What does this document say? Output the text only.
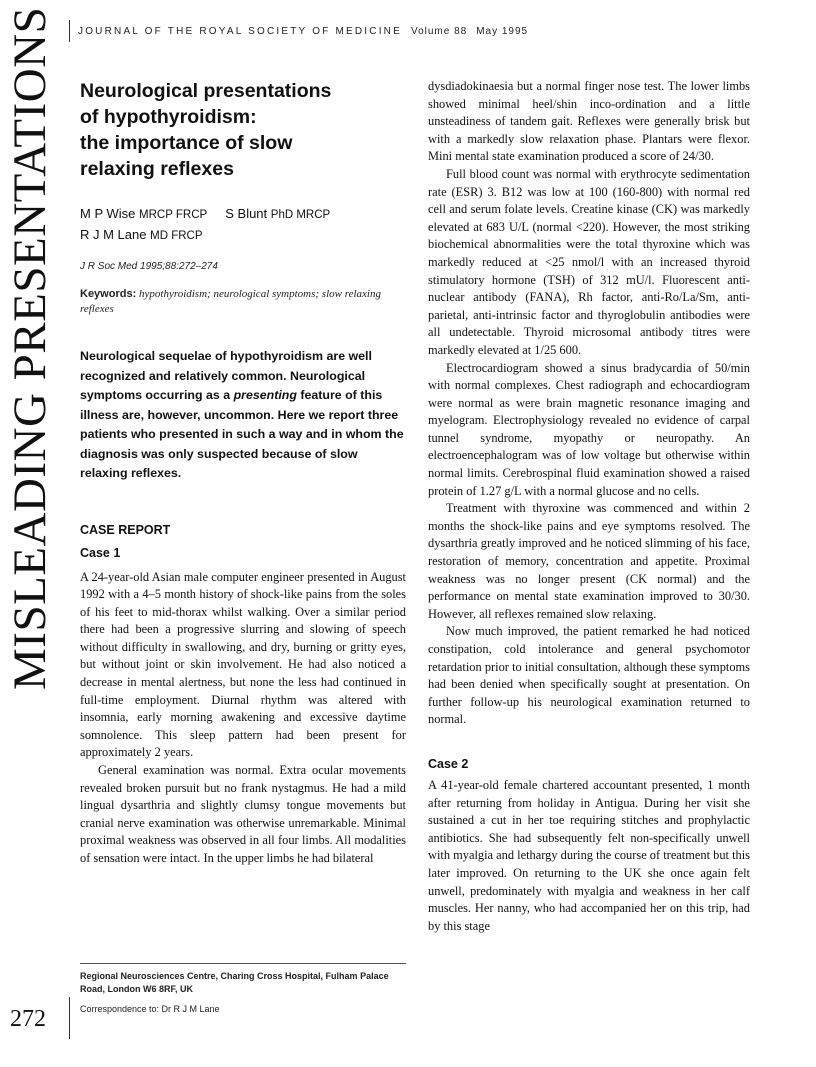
JOURNAL OF THE ROYAL SOCIETY OF MEDICINE Volume 88 May 1995
MISLEADING PRESENTATIONS
272
Neurological presentations
of hypothyroidism:
the importance of slow
relaxing reflexes
M P Wise MRCP FRCP S Blunt PhD MRCP
R J M Lane MD FRCP
J R Soc Med 1995;88:272–274
Keywords: hypothyroidism; neurological symptoms; slow relaxing reflexes
Neurological sequelae of hypothyroidism are well recognized and relatively common. Neurological symptoms occurring as a presenting feature of this illness are, however, uncommon. Here we report three patients who presented in such a way and in whom the diagnosis was only suspected because of slow relaxing reflexes.
CASE REPORT
Case 1

A 24-year-old Asian male computer engineer presented in August 1992 with a 4–5 month history of shock-like pains from the soles of his feet to mid-thorax whilst walking. Over a similar period there had been a progressive slurring and slowing of speech without difficulty in swallowing, and dry, burning or gritty eyes, but without joint or skin involvement. He had also noticed a decrease in mental alertness, but none the less had continued in full-time employment. Diurnal rhythm was altered with insomnia, early morning awakening and excessive daytime somnolence. This sleep pattern had been present for approximately 2 years.

General examination was normal. Extra ocular movements revealed broken pursuit but no frank nystagmus. He had a mild lingual dysarthria and slightly clumsy tongue movements but cranial nerve examination was otherwise unremarkable. Minimal proximal weakness was observed in all four limbs. All modalities of sensation were intact. In the upper limbs he had bilateral

dysdiadokinaesia but a normal finger nose test. The lower limbs showed minimal heel/shin inco-ordination and a little unsteadiness of tandem gait. Reflexes were generally brisk but with a markedly slow relaxation phase. Plantars were flexor. Mini mental state examination produced a score of 24/30.

Full blood count was normal with erythrocyte sedimentation rate (ESR) 3. B12 was low at 100 (160-800) with normal red cell and serum folate levels. Creatine kinase (CK) was markedly elevated at 683 U/L (normal <220). However, the most striking biochemical abnormalities were the total thyroxine which was markedly reduced at <25 nmol/l with an increased thyroid stimulatory hormone (TSH) of 312 mU/l. Fluorescent anti-nuclear antibody (FANA), Rh factor, anti-Ro/La/Sm, anti-parietal, anti-intrinsic factor and thyroglobulin antibodies were all undetectable. Thyroid microsomal antibody titres were markedly elevated at 1/25 600.

Electrocardiogram showed a sinus bradycardia of 50/min with normal complexes. Chest radiograph and echocardiogram were normal as were brain magnetic resonance imaging and myelogram. Electrophysiology revealed no evidence of carpal tunnel syndrome, myopathy or neuropathy. An electroencephalogram was of low voltage but otherwise within normal limits. Cerebrospinal fluid examination showed a raised protein of 1.27 g/L with a normal glucose and no cells.

Treatment with thyroxine was commenced and within 2 months the shock-like pains and eye symptoms resolved. The dysarthria greatly improved and he noticed slimming of his face, restoration of memory, concentration and appetite. Proximal weakness was no longer present (CK normal) and the performance on mental state examination improved to 30/30. However, all reflexes remained slow relaxing.

Now much improved, the patient remarked he had noticed constipation, cold intolerance and general psychomotor retardation prior to initial consultation, although these symptoms had been denied when specifically sought at presentation. On further follow-up his neurological examination returned to normal.

Case 2

A 41-year-old female chartered accountant presented, 1 month after returning from holiday in Antigua. During her visit she sustained a cut in her toe requiring stitches and prophylactic antibiotics. She had subsequently felt non-specifically unwell with myalgia and lethargy during the course of treatment but this later improved. On returning to the UK she once again felt unwell, predominately with myalgia and weakness in her calf muscles. Her nanny, who had accompanied her on this trip, had by this stage

Regional Neurosciences Centre, Charing Cross Hospital, Fulham Palace Road, London W6 8RF, UK
Correspondence to: Dr R J M Lane
